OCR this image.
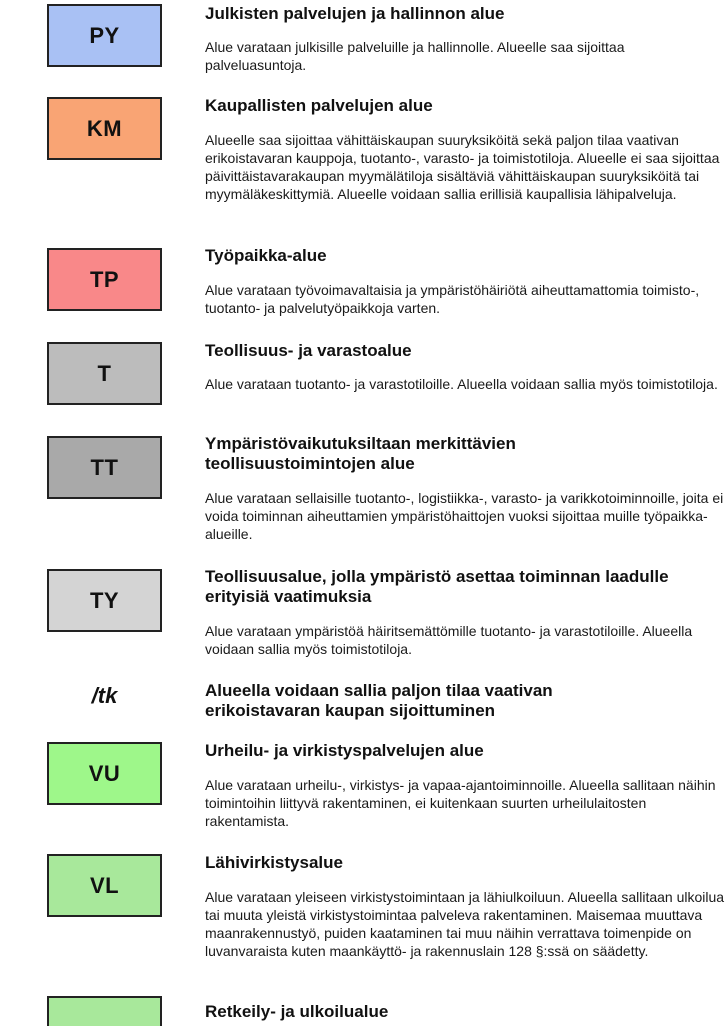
PY

Julkisten palvelujen ja hallinnon alue

Alue varataan julkisille palveluille ja hallinnolle. Alueelle saa sijoittaa palveluasuntoja.

KM

Kaupallisten palvelujen alue

Alueelle saa sijoittaa vähittäiskaupan suuryksiköitä sekä paljon tilaa vaativan erikoistavaran kauppoja, tuotanto-, varasto- ja toimistotiloja. Alueelle ei saa sijoittaa päivittäistavarakaupan myymälätiloja sisältäviä vähittäiskaupan suuryksiköitä tai myymäläkeskittymiä. Alueelle voidaan sallia erillisiä kaupallisia lähipalveluja.

TP

Työpaikka-alue

Alue varataan työvoimavaltaisia ja ympäristöhäiriötä aiheuttamattomia toimisto-, tuotanto- ja palvelutyöpaikkoja varten.

T

Teollisuus- ja varastoalue

Alue varataan tuotanto- ja varastotiloille. Alueella voidaan sallia myös toimistotiloja.

TT

Ympäristövaikutuksiltaan merkittävien teollisuustoimintojen alue

Alue varataan sellaisille tuotanto-, logistiikka-, varasto- ja varikkotoiminnoille, joita ei voida toiminnan aiheuttamien ympäristöhaittojen vuoksi sijoittaa muille työpaikka-alueille.

TY

Teollisuusalue, jolla ympäristö asettaa toiminnan laadulle erityisiä vaatimuksia

Alue varataan ympäristöä häiritsemättömille tuotanto- ja varastotiloille. Alueella voidaan sallia myös toimistotiloja.

/tk	Alueella voidaan sallia paljon tilaa vaativan erikoistavaran kaupan sijoittuminen

VU

Urheilu- ja virkistyspalvelujen alue

Alue varataan urheilu-, virkistys- ja vapaa-ajantoiminnoille. Alueella sallitaan näihin toimintoihin liittyvä rakentaminen, ei kuitenkaan suurten urheilulaitosten rakentamista.

VL

Lähivirkistysalue

Alue varataan yleiseen virkistystoimintaan ja lähiulkoiluun. Alueella sallitaan ulkoilua tai muuta yleistä virkistystoimintaa palveleva rakentaminen. Maisemaa muuttava maanrakennustyö, puiden kaataminen tai muu näihin verrattava toimenpide on luvanvaraista kuten maankäyttö- ja rakennuslain 128 §:ssä on säädetty.

Retkeily- ja ulkoilualue
